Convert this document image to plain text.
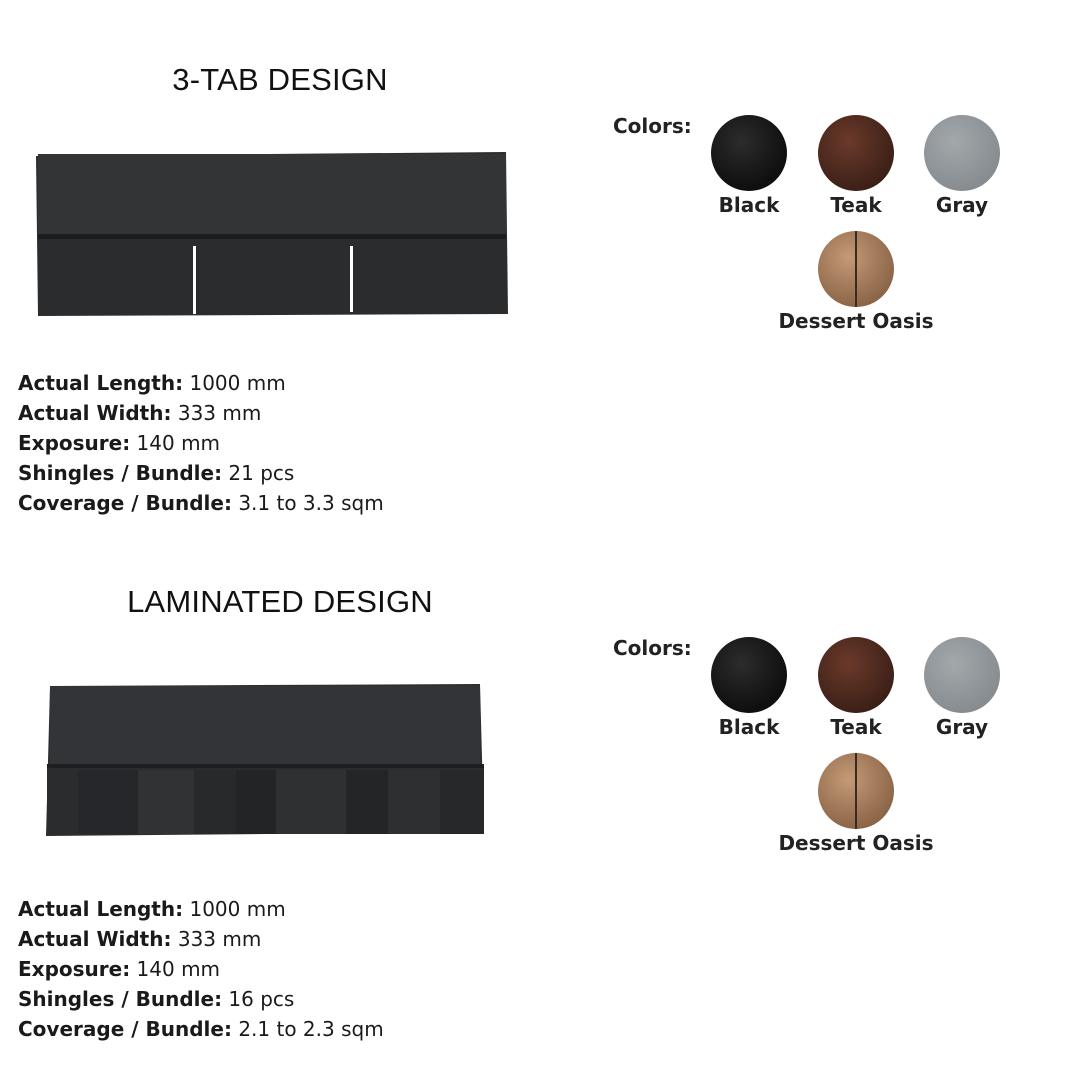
3-TAB DESIGN
Colors:
Black	Teak	Gray
Dessert Oasis
Actual Length: 1000 mm
Actual Width: 333 mm
Exposure: 140 mm
Shingles / Bundle: 21 pcs
Coverage / Bundle: 3.1 to 3.3 sqm
LAMINATED DESIGN
Colors:
Black	Teak	Gray
Dessert Oasis
Actual Length: 1000 mm
Actual Width: 333 mm
Exposure: 140 mm
Shingles / Bundle: 16 pcs
Coverage / Bundle: 2.1 to 2.3 sqm
